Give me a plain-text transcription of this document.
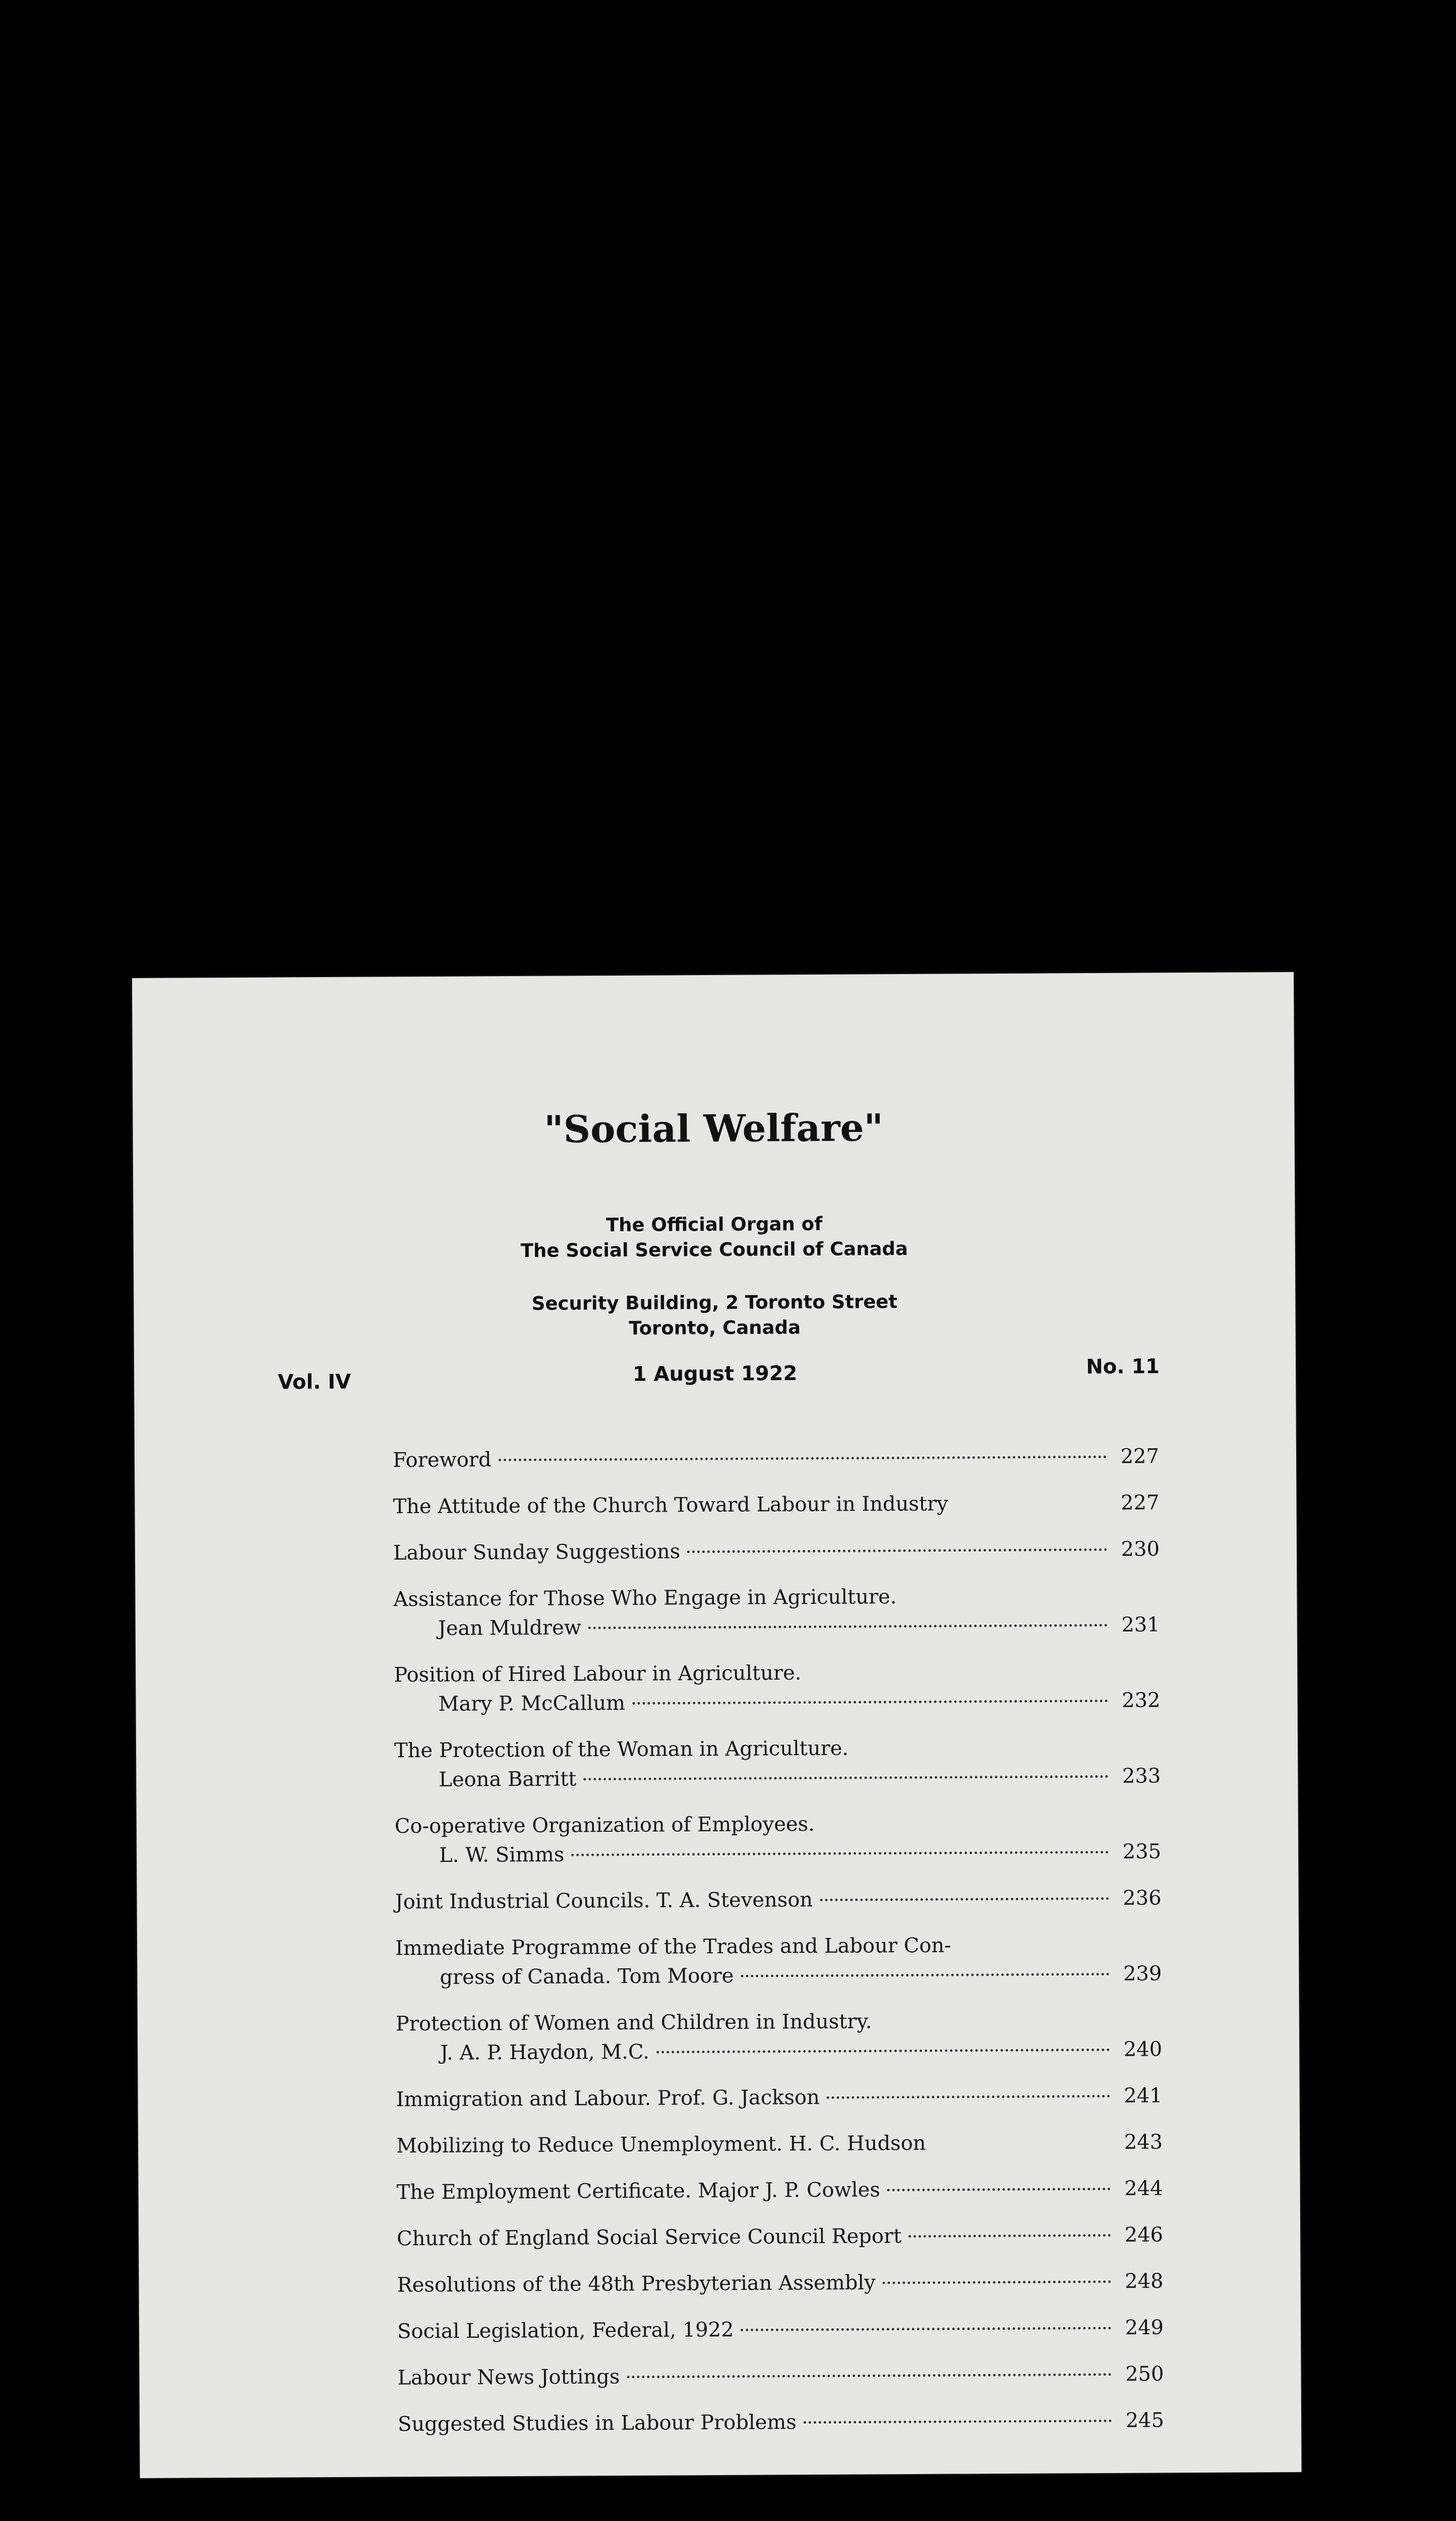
"Social Welfare"
The Official Organ of
The Social Service Council of Canada
Security Building, 2 Toronto Street
Toronto, Canada
Vol. IV	1 August 1922	No. 11
Foreword	227
The Attitude of the Church Toward Labour in Industry	227
Labour Sunday Suggestions	230
Assistance for Those Who Engage in Agriculture.
Jean Muldrew	231
Position of Hired Labour in Agriculture.
Mary P. McCallum	232
The Protection of the Woman in Agriculture.
Leona Barritt	233
Co-operative Organization of Employees.
L. W. Simms	235
Joint Industrial Councils. T. A. Stevenson	236
Immediate Programme of the Trades and Labour Con-
gress of Canada. Tom Moore	239
Protection of Women and Children in Industry.
J. A. P. Haydon, M.C.	240
Immigration and Labour. Prof. G. Jackson	241
Mobilizing to Reduce Unemployment. H. C. Hudson	243
The Employment Certificate. Major J. P. Cowles	244
Church of England Social Service Council Report	246
Resolutions of the 48th Presbyterian Assembly	248
Social Legislation, Federal, 1922	249
Labour News Jottings	250
Suggested Studies in Labour Problems	245
